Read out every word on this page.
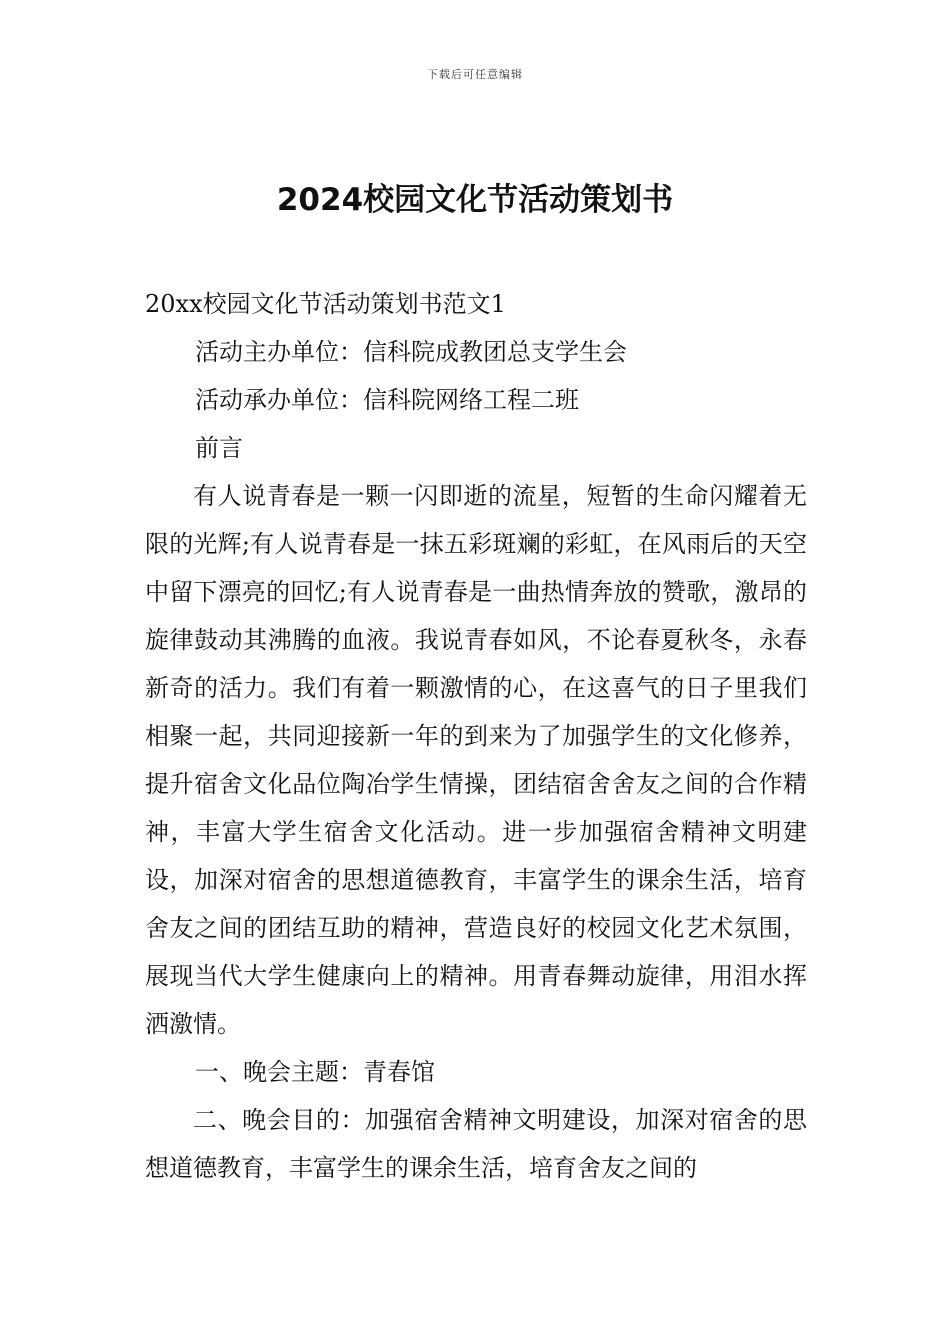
下载后可任意编辑
2024校园文化节活动策划书

20xx校园文化节活动策划书范文1

活动主办单位：信科院成教团总支学生会

活动承办单位：信科院网络工程二班

前言

有人说青春是一颗一闪即逝的流星，短暂的生命闪耀着无限的光辉;有人说青春是一抹五彩斑斓的彩虹，在风雨后的天空中留下漂亮的回忆;有人说青春是一曲热情奔放的赞歌，激昂的旋律鼓动其沸腾的血液。我说青春如风，不论春夏秋冬，永春新奇的活力。我们有着一颗激情的心，在这喜气的日子里我们相聚一起，共同迎接新一年的到来为了加强学生的文化修养，提升宿舍文化品位陶冶学生情操，团结宿舍舍友之间的合作精神，丰富大学生宿舍文化活动。进一步加强宿舍精神文明建设，加深对宿舍的思想道德教育，丰富学生的课余生活，培育舍友之间的团结互助的精神，营造良好的校园文化艺术氛围，展现当代大学生健康向上的精神。用青春舞动旋律，用泪水挥洒激情。

一、晚会主题：青春馆

二、晚会目的：加强宿舍精神文明建设，加深对宿舍的思想道德教育，丰富学生的课余生活，培育舍友之间的
